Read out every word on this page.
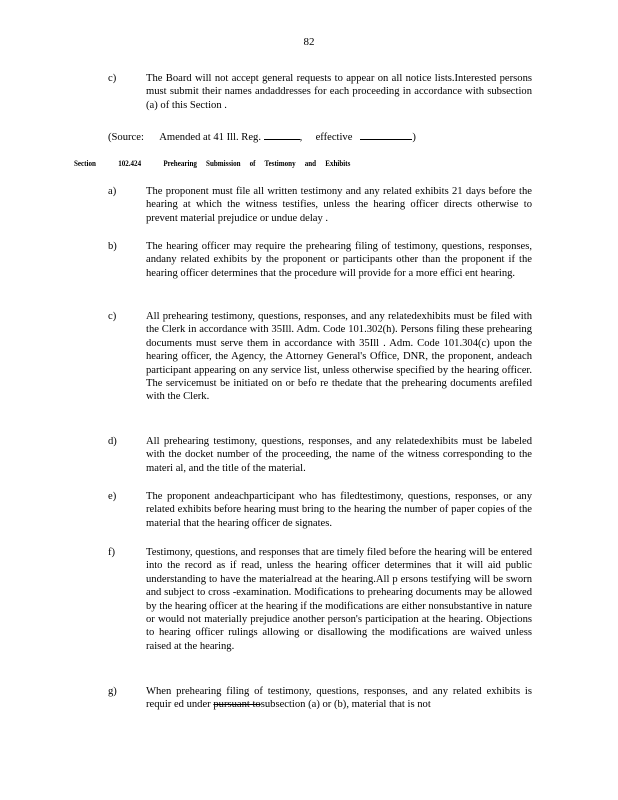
82
c)	The Board will not accept general requests to appear on all notice lists.Interested persons must submit their names andaddresses for each proceeding in accordance with subsection (a) of this Section .
(Source: Amended at 41 Ill. Reg.	, effective	)
Section	102.424	Prehearing Submission of Testimony and Exhibits
a)	The proponent must file all written testimony and any related exhibits 21 days before the hearing at which the witness testifies, unless the hearing officer directs otherwise to prevent material prejudice or undue delay .
b)	The hearing officer may require the prehearing filing of testimony, questions, responses, andany related exhibits by the proponent or participants other than the proponent if the hearing officer determines that the procedure will provide for a more effici ent hearing.
c)	All prehearing testimony, questions, responses, and any relatedexhibits must be filed with the Clerk in accordance with 35Ill. Adm. Code 101.302(h). Persons filing these prehearing documents must serve them in accordance with 35Ill . Adm. Code 101.304(c) upon the hearing officer, the Agency, the Attorney General's Office, DNR, the proponent, andeach participant appearing on any service list, unless otherwise specified by the hearing officer. The servicemust be initiated on or befo re thedate that the prehearing documents arefiled with the Clerk.
d)	All prehearing testimony, questions, responses, and any relatedexhibits must be labeled with the docket number of the proceeding, the name of the witness corresponding to the materi al, and the title of the material.
e)	The proponent andeachparticipant who has filedtestimony, questions, responses, or any related exhibits before hearing must bring to the hearing the number of paper copies of the material that the hearing officer de signates.
f)	Testimony, questions, and responses that are timely filed before the hearing will be entered into the record as if read, unless the hearing officer determines that it will aid public understanding to have the materialread at the hearing.All p ersons testifying will be sworn and subject to cross -examination. Modifications to prehearing documents may be allowed by the hearing officer at the hearing if the modifications are either nonsubstantive in nature or would not materially prejudice another person's participation at the hearing. Objections to hearing officer rulings allowing or disallowing the modifications are waived unless raised at the hearing.
g)	When prehearing filing of testimony, questions, responses, and any related exhibits is requir ed under pursuant tosubsection (a) or (b), material that is not
